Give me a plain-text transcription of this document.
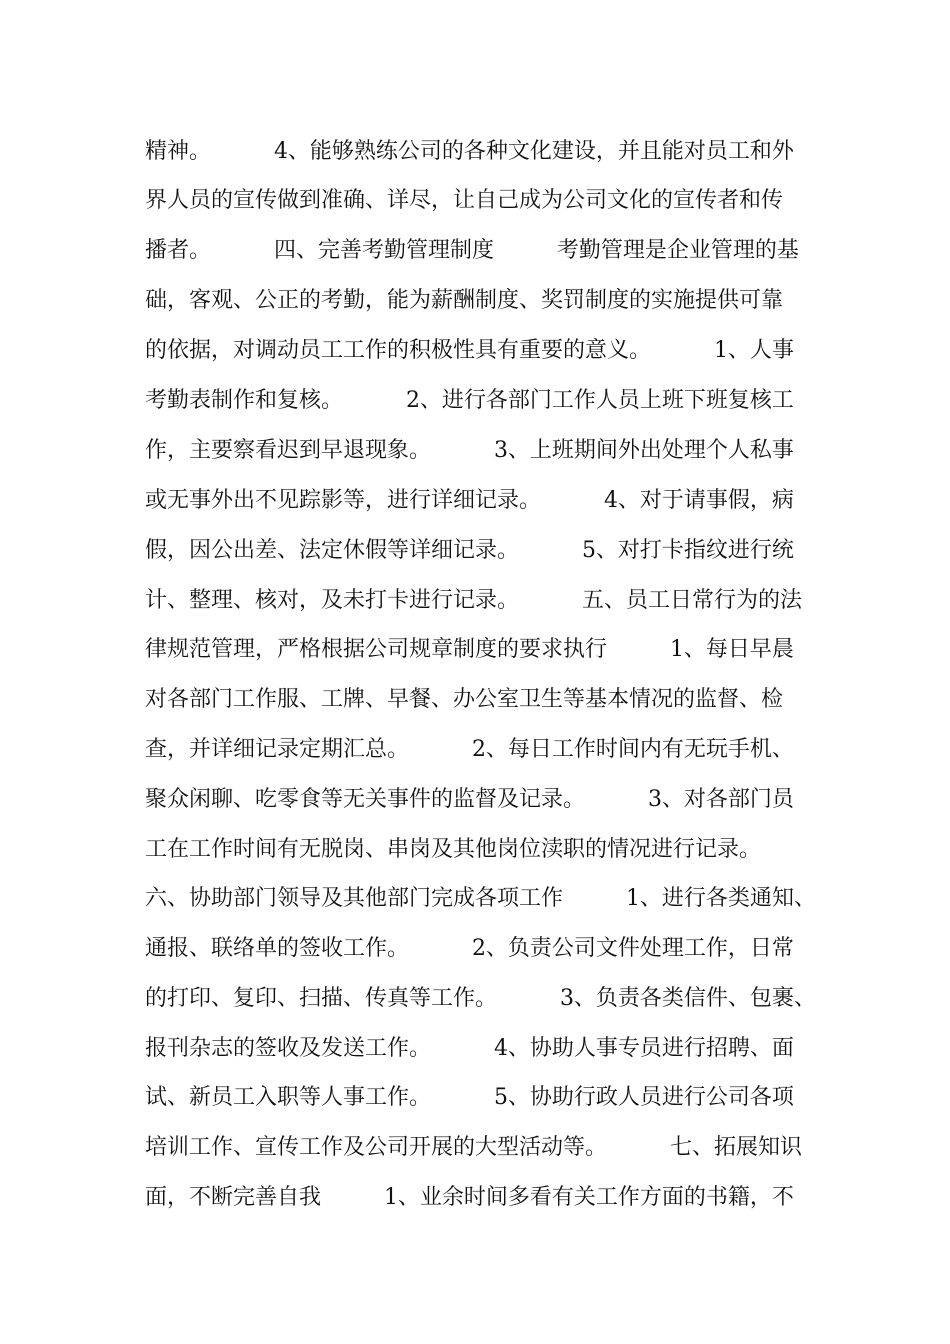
精神。         4、能够熟练公司的各种文化建设，并且能对员工和外
界人员的宣传做到准确、详尽，让自己成为公司文化的宣传者和传
播者。         四、完善考勤管理制度         考勤管理是企业管理的基
础，客观、公正的考勤，能为薪酬制度、奖罚制度的实施提供可靠
的依据，对调动员工工作的积极性具有重要的意义。         1、人事
考勤表制作和复核。         2、进行各部门工作人员上班下班复核工
作，主要察看迟到早退现象。         3、上班期间外出处理个人私事
或无事外出不见踪影等，进行详细记录。         4、对于请事假，病
假，因公出差、法定休假等详细记录。         5、对打卡指纹进行统
计、整理、核对，及未打卡进行记录。         五、员工日常行为的法
律规范管理，严格根据公司规章制度的要求执行         1、每日早晨
对各部门工作服、工牌、早餐、办公室卫生等基本情况的监督、检
查，并详细记录定期汇总。         2、每日工作时间内有无玩手机、
聚众闲聊、吃零食等无关事件的监督及记录。         3、对各部门员
工在工作时间有无脱岗、串岗及其他岗位渎职的情况进行记录。
六、协助部门领导及其他部门完成各项工作         1、进行各类通知、
通报、联络单的签收工作。         2、负责公司文件处理工作，日常
的打印、复印、扫描、传真等工作。         3、负责各类信件、包裹、
报刊杂志的签收及发送工作。         4、协助人事专员进行招聘、面
试、新员工入职等人事工作。         5、协助行政人员进行公司各项
培训工作、宣传工作及公司开展的大型活动等。         七、拓展知识
面，不断完善自我         1、业余时间多看有关工作方面的书籍，不
